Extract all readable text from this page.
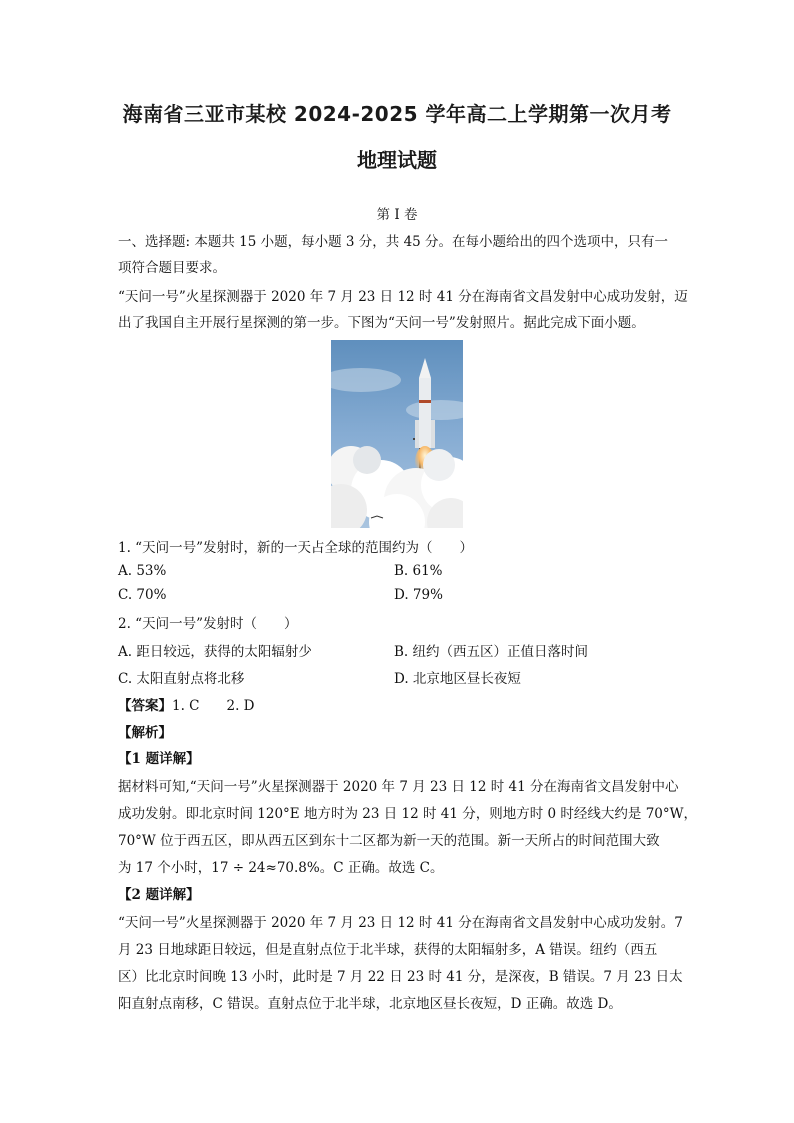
海南省三亚市某校 2024-2025 学年高二上学期第一次月考
地理试题
第 I 卷
一、选择题: 本题共 15 小题，每小题 3 分，共 45 分。在每小题给出的四个选项中，只有一
项符合题目要求。
“天问一号”火星探测器于 2020 年 7 月 23 日 12 时 41 分在海南省文昌发射中心成功发射，迈
出了我国自主开展行星探测的第一步。下图为“天问一号”发射照片。据此完成下面小题。
1. “天问一号”发射时，新的一天占全球的范围约为（　　）
A. 53%	B. 61%
C. 70%	D. 79%
2. “天问一号”发射时（　　）
A. 距日较远，获得的太阳辐射少	B. 纽约（西五区）正值日落时间
C. 太阳直射点将北移	D. 北京地区昼长夜短
【答案】1. C　　2. D
【解析】
【1 题详解】
据材料可知,“天问一号”火星探测器于 2020 年 7 月 23 日 12 时 41 分在海南省文昌发射中心
成功发射。即北京时间 120°E 地方时为 23 日 12 时 41 分，则地方时 0 时经线大约是 70°W，
70°W 位于西五区，即从西五区到东十二区都为新一天的范围。新一天所占的时间范围大致
为 17 个小时，17 ÷ 24≈70.8%。C 正确。故选 C。
【2 题详解】
“天问一号”火星探测器于 2020 年 7 月 23 日 12 时 41 分在海南省文昌发射中心成功发射。7
月 23 日地球距日较远，但是直射点位于北半球，获得的太阳辐射多，A 错误。纽约（西五
区）比北京时间晚 13 小时，此时是 7 月 22 日 23 时 41 分，是深夜，B 错误。7 月 23 日太
阳直射点南移，C 错误。直射点位于北半球，北京地区昼长夜短，D 正确。故选 D。
